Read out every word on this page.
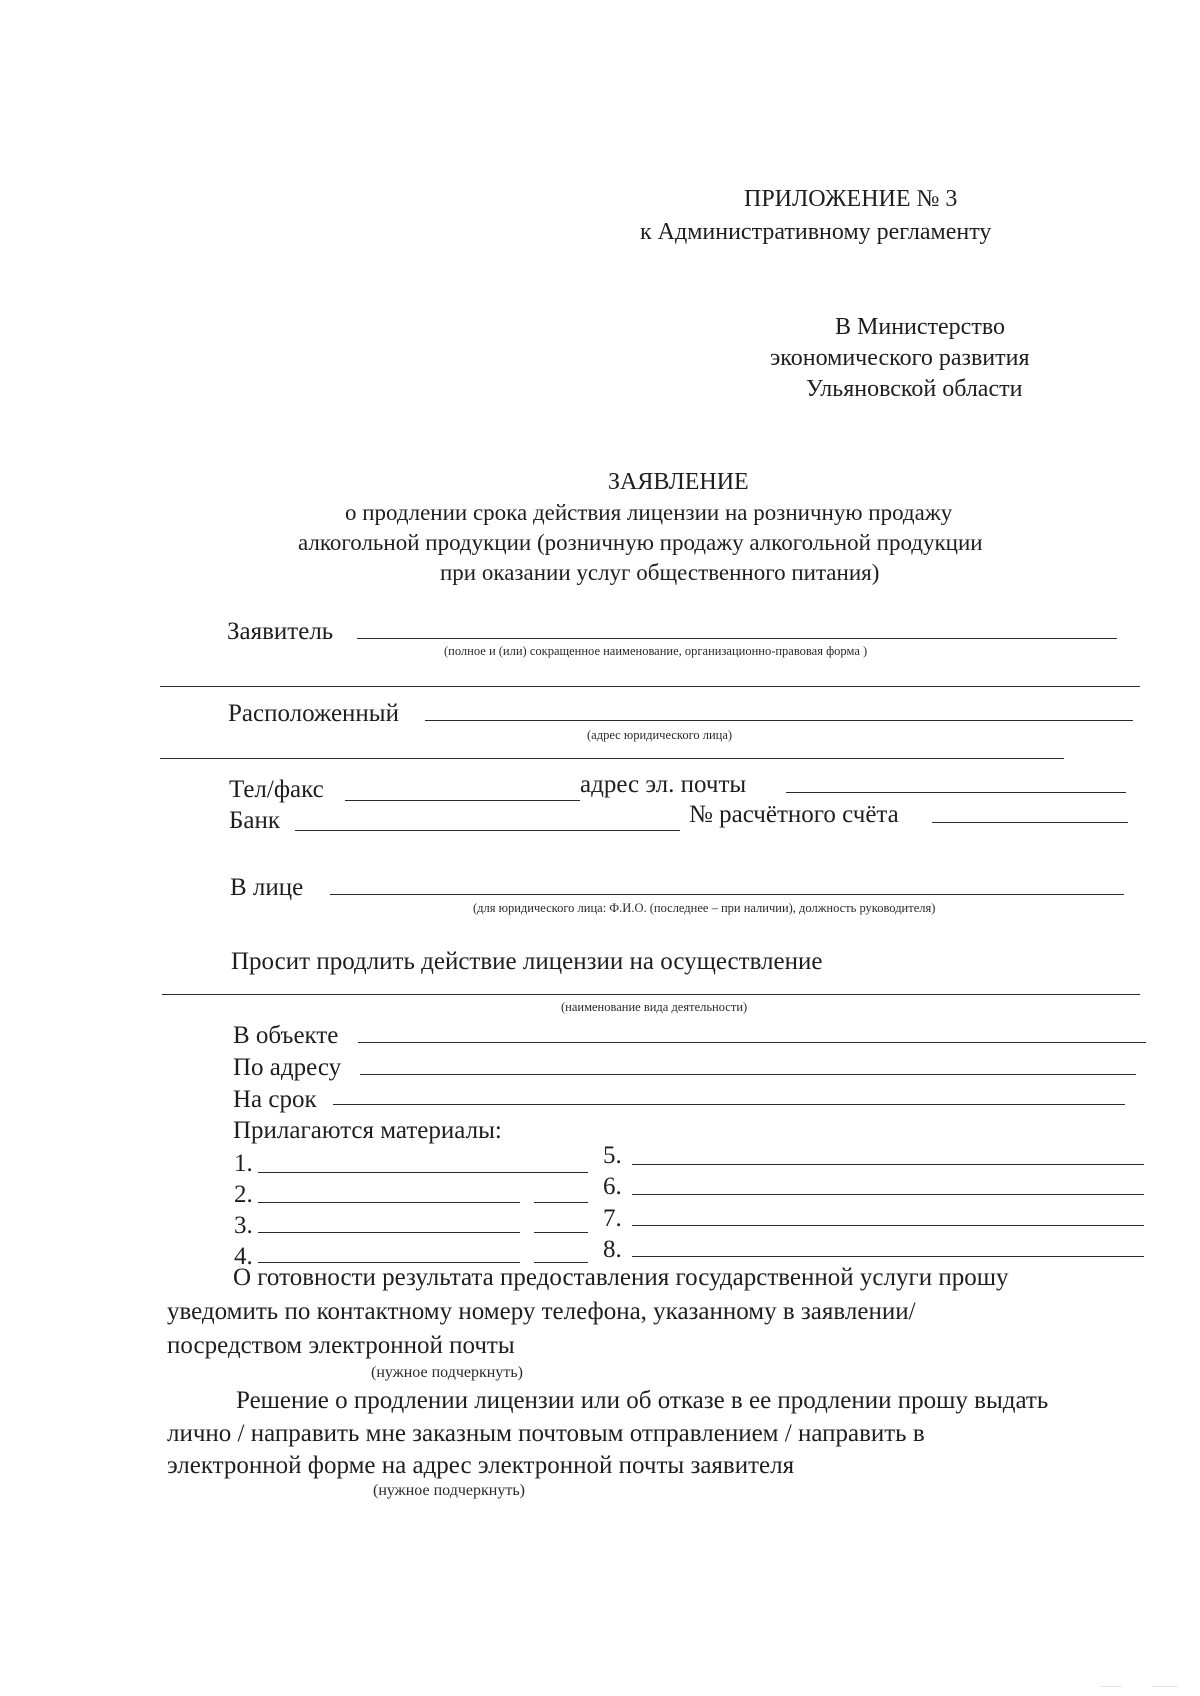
ПРИЛОЖЕНИЕ № 3
к Административному регламенту
В Министерство
экономического развития
Ульяновской области
ЗАЯВЛЕНИЕ
о продлении срока действия лицензии на розничную продажу
алкогольной продукции (розничную продажу алкогольной продукции
при оказании услуг общественного питания)
Заявитель
(полное и (или) сокращенное наименование, организационно-правовая форма )
Расположенный
(адрес юридического лица)
Тел/факс	адрес эл. почты
Банк	№ расчётного счёта
В лице
(для юридического лица: Ф.И.О. (последнее – при наличии), должность руководителя)
Просит продлить действие лицензии на осуществление
(наименование вида деятельности)
В объекте
По адресу
На срок
Прилагаются материалы:
1.
2.
3.
4.
5.
6.
7.
8.
О готовности результата предоставления государственной услуги прошу
уведомить по контактному номеру телефона, указанному в заявлении/
посредством электронной почты
(нужное подчеркнуть)
Решение о продлении лицензии или об отказе в ее продлении прошу выдать
лично / направить мне заказным почтовым отправлением / направить в
электронной форме на адрес электронной почты заявителя
(нужное подчеркнуть)
